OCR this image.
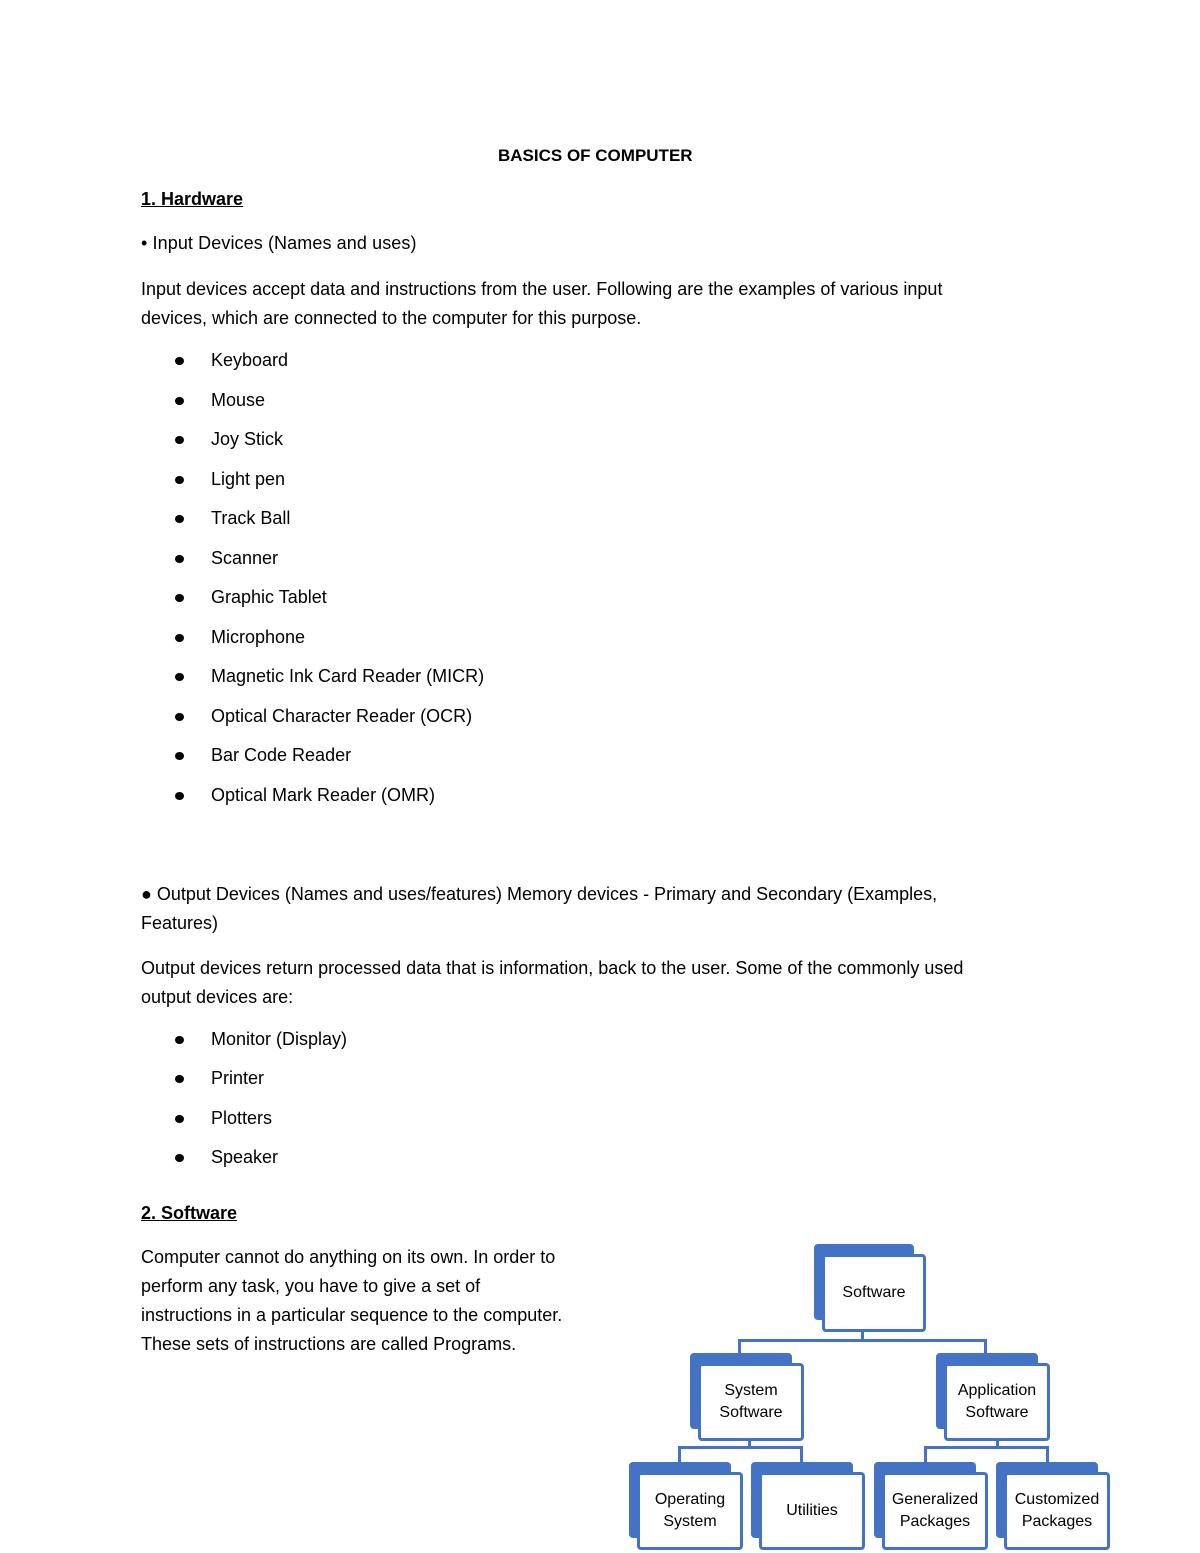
BASICS OF COMPUTER
1. Hardware
• Input Devices (Names and uses)
Input devices accept data and instructions from the user. Following are the examples of various input
devices, which are connected to the computer for this purpose.
Keyboard
Mouse
Joy Stick
Light pen
Track Ball
Scanner
Graphic Tablet
Microphone
Magnetic Ink Card Reader (MICR)
Optical Character Reader (OCR)
Bar Code Reader
Optical Mark Reader (OMR)
● Output Devices (Names and uses/features) Memory devices - Primary and Secondary (Examples,
Features)
Output devices return processed data that is information, back to the user. Some of the commonly used
output devices are:
Monitor (Display)
Printer
Plotters
Speaker
2. Software
Computer cannot do anything on its own. In order to
perform any task, you have to give a set of
instructions in a particular sequence to the computer.
These sets of instructions are called Programs.
Software
System
Software
Application
Software
Operating
System
Utilities
Generalized
Packages
Customized
Packages
